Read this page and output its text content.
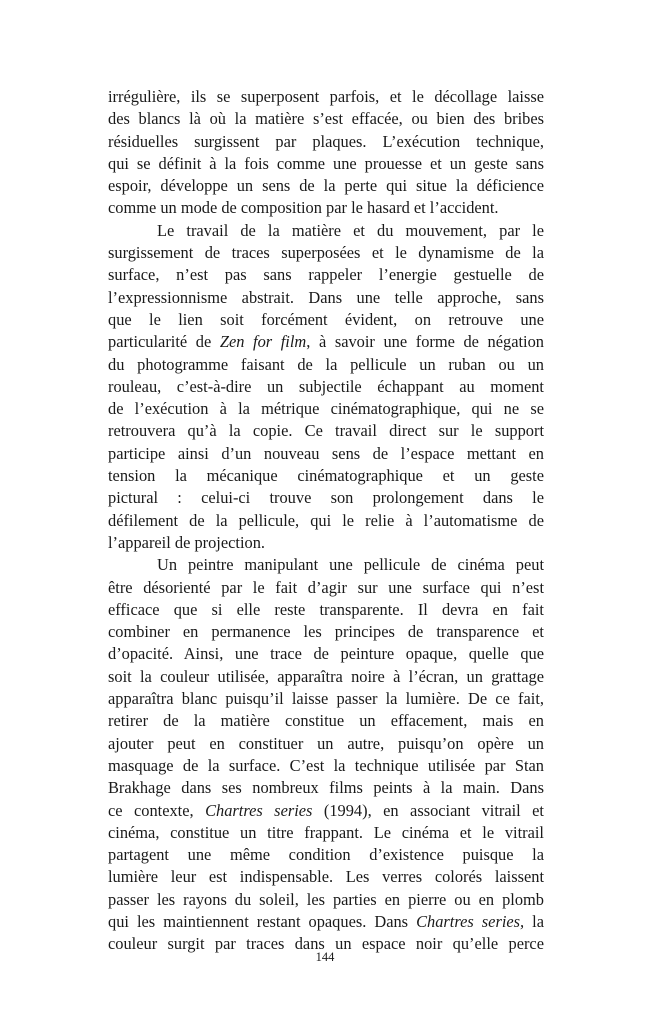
irrégulière, ils se superposent parfois, et le décollage laisse
des blancs là où la matière s’est effacée, ou bien des bribes
résiduelles surgissent par plaques. L’exécution technique,
qui se définit à la fois comme une prouesse et un geste sans
espoir, développe un sens de la perte qui situe la déficience
comme un mode de composition par le hasard et l’accident.
Le travail de la matière et du mouvement, par le
surgissement de traces superposées et le dynamisme de la
surface, n’est pas sans rappeler l’energie gestuelle de
l’expressionnisme abstrait. Dans une telle approche, sans
que le lien soit forcément évident, on retrouve une
particularité de Zen for film, à savoir une forme de négation
du photogramme faisant de la pellicule un ruban ou un
rouleau, c’est-à-dire un subjectile échappant au moment
de l’exécution à la métrique cinématographique, qui ne se
retrouvera qu’à la copie. Ce travail direct sur le support
participe ainsi d’un nouveau sens de l’espace mettant en
tension la mécanique cinématographique et un geste
pictural : celui-ci trouve son prolongement dans le
défilement de la pellicule, qui le relie à l’automatisme de
l’appareil de projection.
Un peintre manipulant une pellicule de cinéma peut
être désorienté par le fait d’agir sur une surface qui n’est
efficace que si elle reste transparente. Il devra en fait
combiner en permanence les principes de transparence et
d’opacité. Ainsi, une trace de peinture opaque, quelle que
soit la couleur utilisée, apparaîtra noire à l’écran, un grattage
apparaîtra blanc puisqu’il laisse passer la lumière. De ce fait,
retirer de la matière constitue un effacement, mais en
ajouter peut en constituer un autre, puisqu’on opère un
masquage de la surface. C’est la technique utilisée par Stan
Brakhage dans ses nombreux films peints à la main. Dans
ce contexte, Chartres series (1994), en associant vitrail et
cinéma, constitue un titre frappant. Le cinéma et le vitrail
partagent une même condition d’existence puisque la
lumière leur est indispensable. Les verres colorés laissent
passer les rayons du soleil, les parties en pierre ou en plomb
qui les maintiennent restant opaques. Dans Chartres series, la
couleur surgit par traces dans un espace noir qu’elle perce
144
